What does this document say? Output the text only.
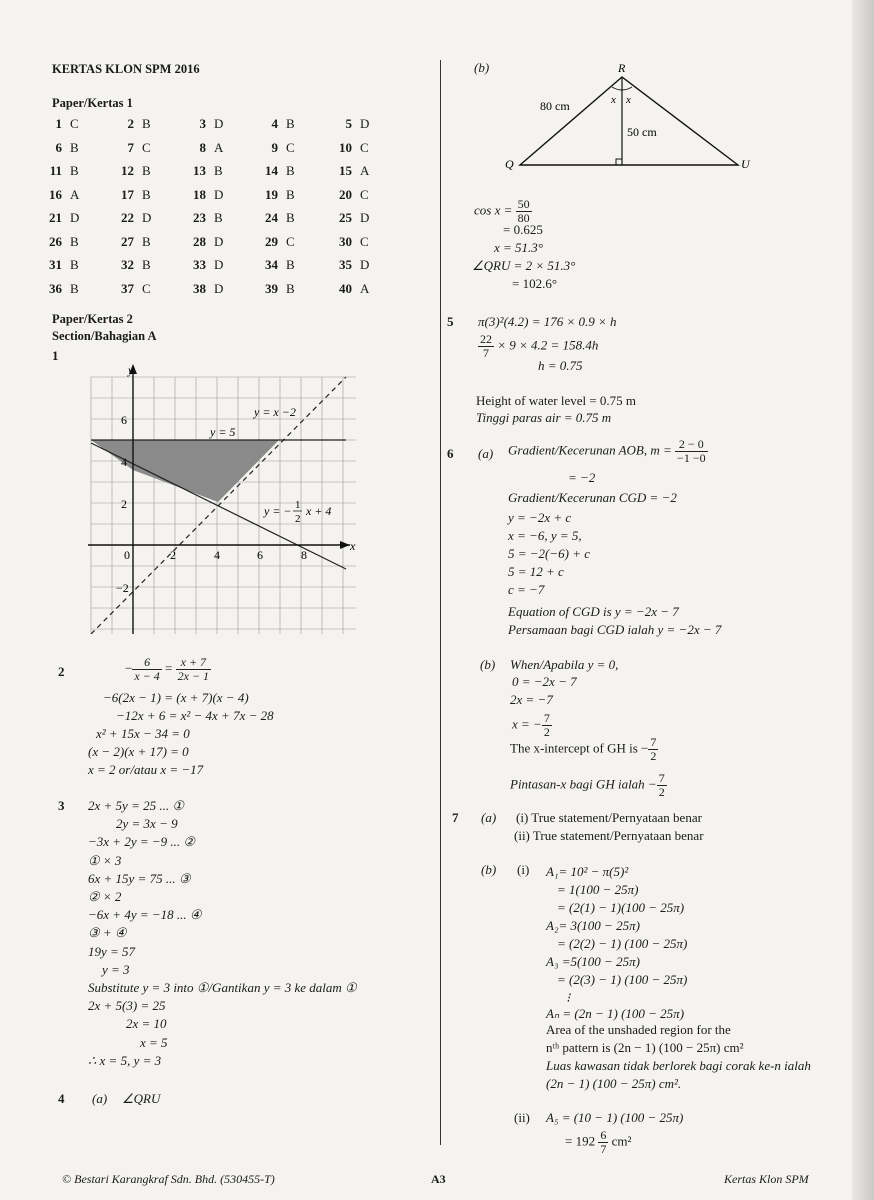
KERTAS KLON SPM 2016
Paper/Kertas 1
1 C	2 B	3 D	4 B	5 D
6 B	7 C	8 A	9 C	10 C
11 B	12 B	13 B	14 B	15 A
16 A	17 B	18 D	19 B	20 C
21 D	22 D	23 B	24 B	25 D
26 B	27 B	28 D	29 C	30 C
31 B	32 B	33 D	34 B	35 D
36 B	37 C	38 D	39 B	40 A
Paper/Kertas 2
Section/Bahagian A
1
y
x
0	2	4	6	8
6
4
2
−2
y = x −2
y = 5
y = − 1
2
x + 4
2	− $\frac{6}{x - 4} = \frac{x + 7}{2x - 1}$
−6(2x − 1) = (x + 7)(x − 4)
−12x + 6 = x² − 4x + 7x − 28
x² + 15x − 34 = 0
(x − 2)(x + 17) = 0
x = 2 or/atau x = −17
3 2x + 5y = 25 ... ①
2y = 3x − 9
−3x + 2y = −9 ... ②
① × 3
6x + 15y = 75 ... ③
② × 2
−6x + 4y = −18 ... ④
③ + ④
19y = 57
y = 3
Substitute y = 3 into ①/Gantikan y = 3 ke dalam ①
2x + 5(3) = 25
2x = 10
x = 5
∴ x = 5, y = 3
4 (a) ∠QRU
(b)	R
Q	U
x x
80 cm
50 cm
$\cos x = \frac{50}{80}$
= 0.625
x = 51.3°
∠QRU = 2 × 51.3°
= 102.6°
5 π(3)²(4.2) = 176 × 0.9 × h
$\frac{22}{7} \times 9 \times 4.2 = 158.4h$
h = 0.75
Height of water level = 0.75 m
Tinggi paras air = 0.75 m
6 (a) Gradient/Kecerunan AOB, $m = \frac{2 - 0}{-1 -0}$
= −2
Gradient/Kecerunan CGD = −2
y = −2x + c
x = −6, y = 5,
5 = −2(−6) + c
5 = 12 + c
c = −7
Equation of CGD is y = −2x − 7
Persamaan bagi CGD ialah y = −2x − 7
(b) When/Apabila y = 0,
0 = −2x − 7
2x = −7
x = − $\frac{7}{2}$
The x-intercept of GH is − $\frac{7}{2}$
Pintasan-x bagi GH ialah − $\frac{7}{2}$
7 (a) (i) True statement/Pernyataan benar
(ii) True statement/Pernyataan benar
(b) (i) A₁= 10² − π(5)²
= 1(100 − 25π)
= (2(1) − 1)(100 − 25π)
A₂= 3(100 − 25π)
= (2(2) − 1) (100 − 25π)
A₃ =5(100 − 25π)
= (2(3) − 1) (100 − 25π)
⁝
Aₙ = (2n − 1) (100 − 25π)
Area of the unshaded region for the
nᵗʰ pattern is (2n − 1) (100 − 25π) cm²
Luas kawasan tidak berlorek bagi corak ke-n ialah
(2n − 1) (100 − 25π) cm².
(ii) A₅ = (10 − 1) (100 − 25π)
= $192 \frac{6}{7} cm^2$
© Bestari Karangkraf Sdn. Bhd. (530455-T)	A3	Kertas Klon SPM
